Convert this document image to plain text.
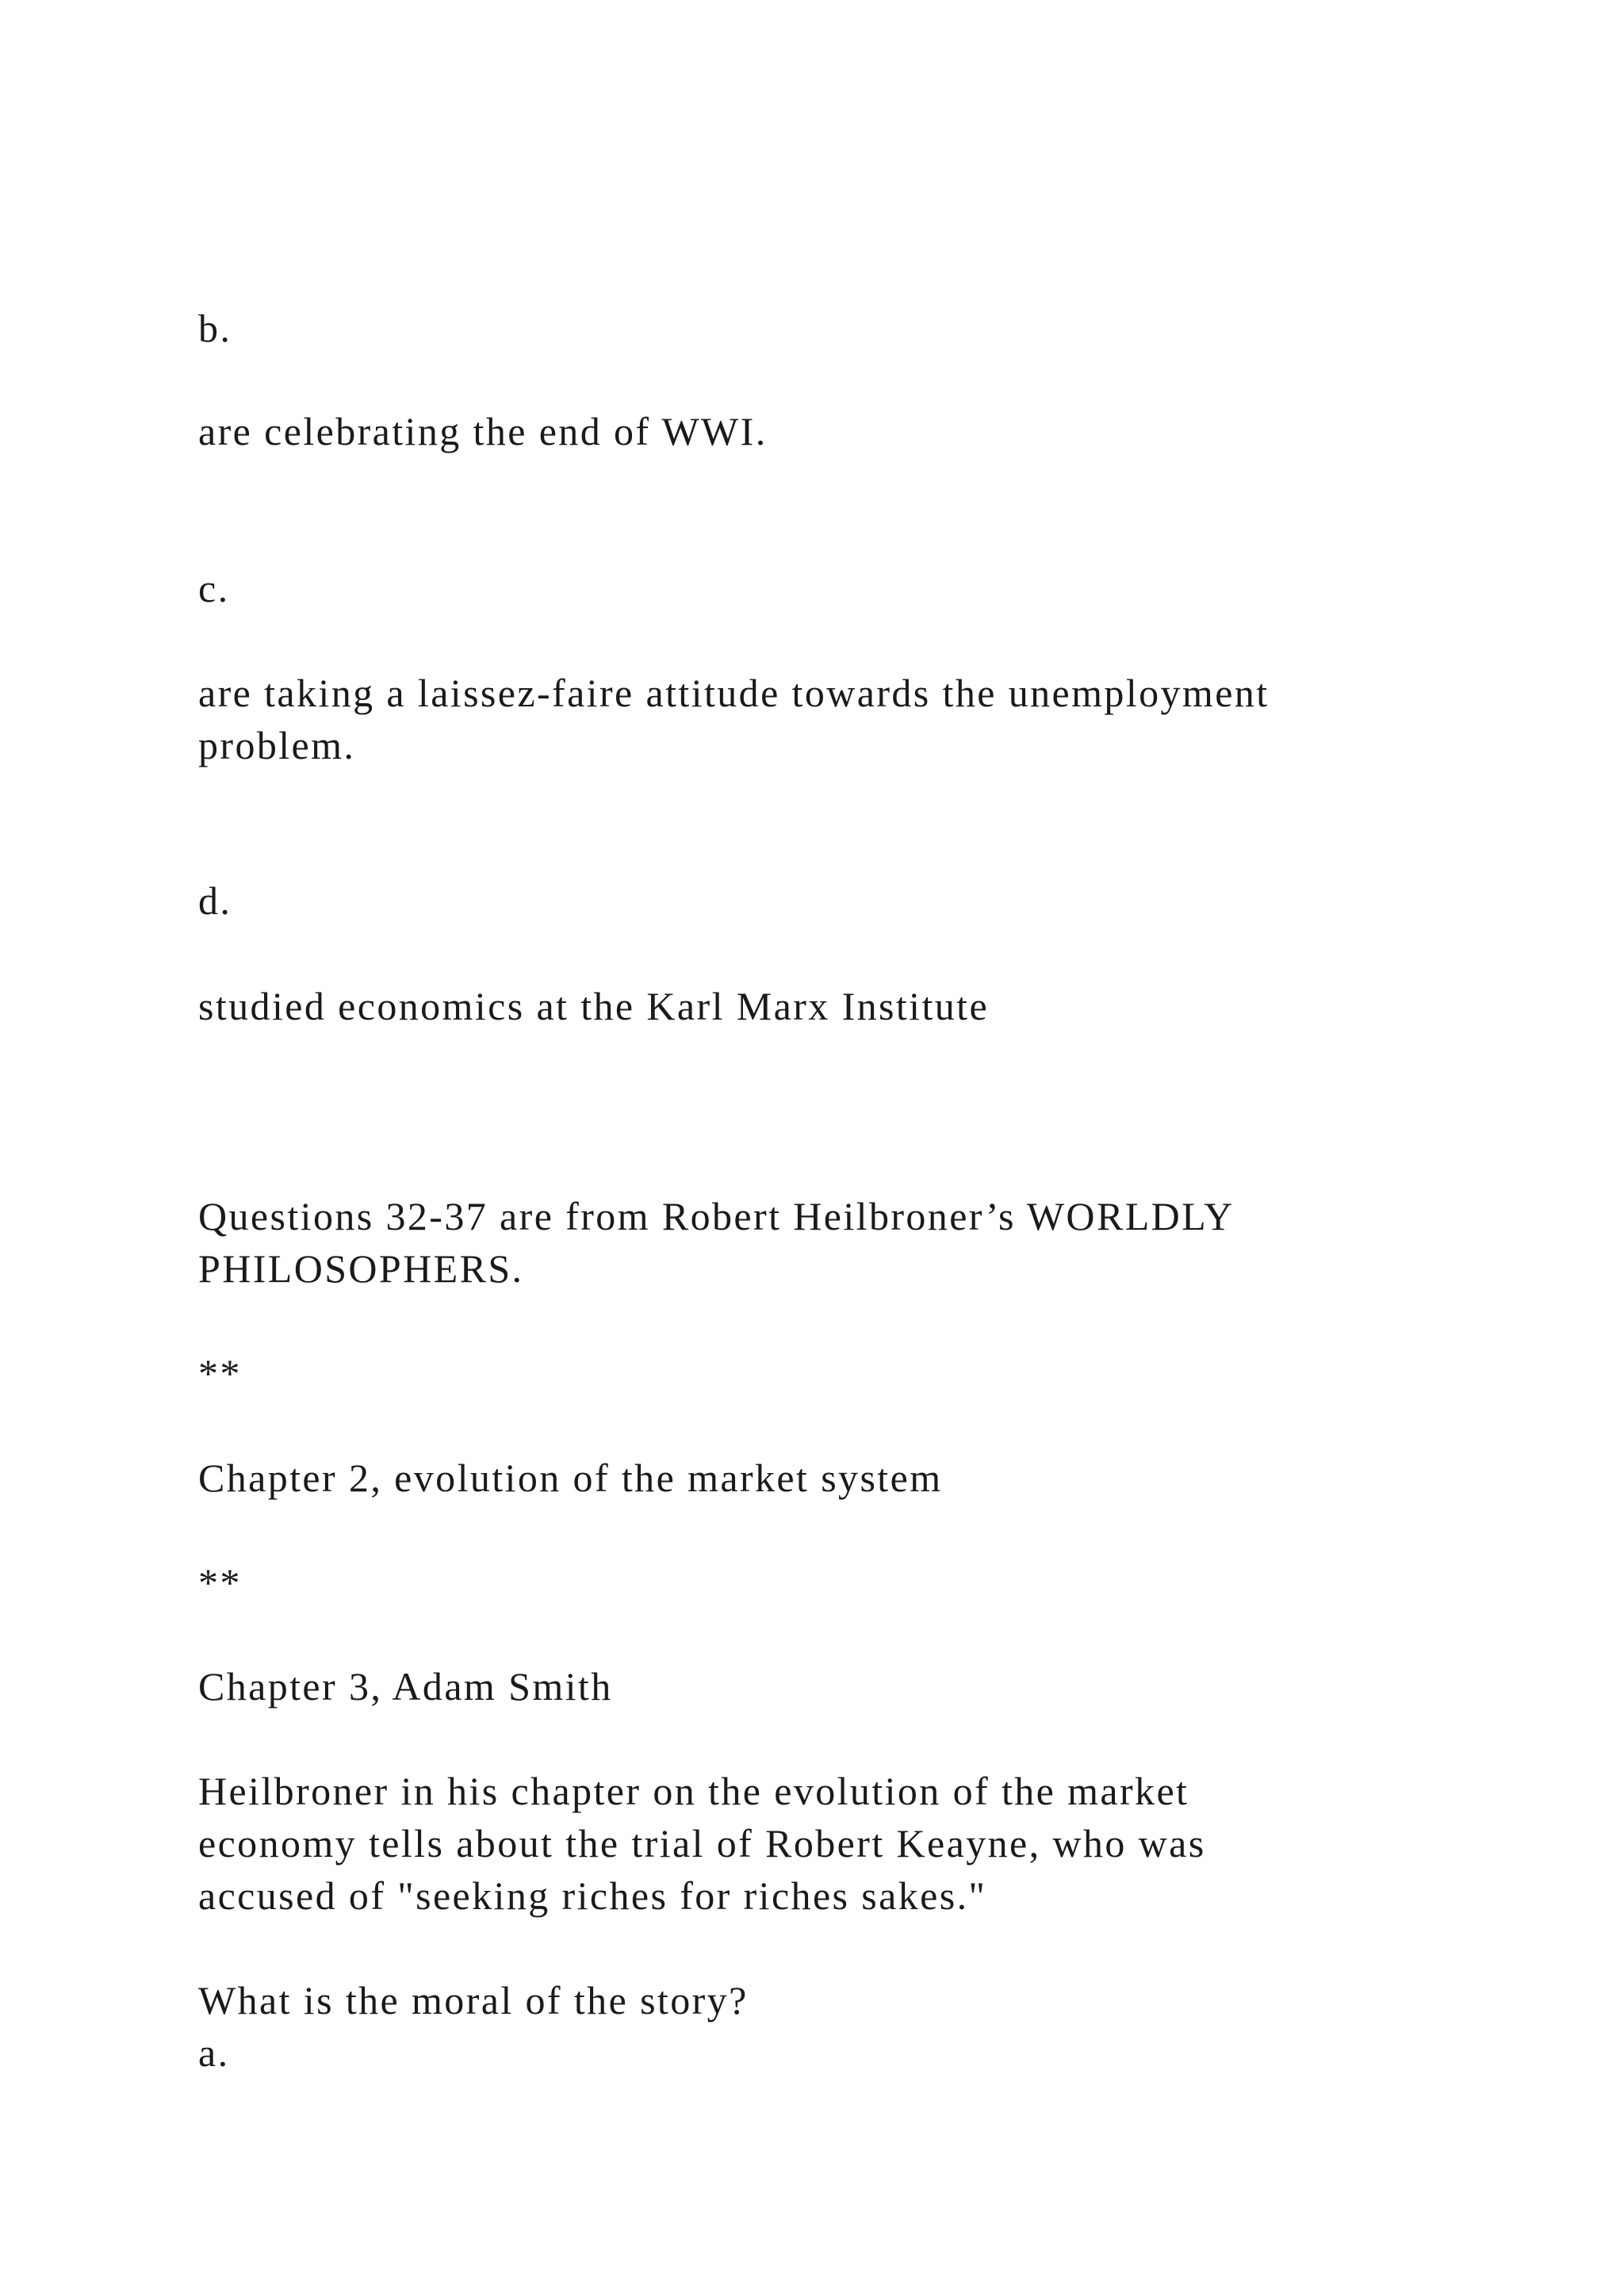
b.

are celebrating the end of WWI.

c.

are taking a laissez-faire attitude towards the unemployment
problem.

d.

studied economics at the Karl Marx Institute

Questions 32-37 are from Robert Heilbroner’s WORLDLY
PHILOSOPHERS.

**

Chapter 2, evolution of the market system

**

Chapter 3, Adam Smith

Heilbroner in his chapter on the evolution of the market
economy tells about the trial of Robert Keayne, who was
accused of "seeking riches for riches sakes."
What is the moral of the story?
a.
